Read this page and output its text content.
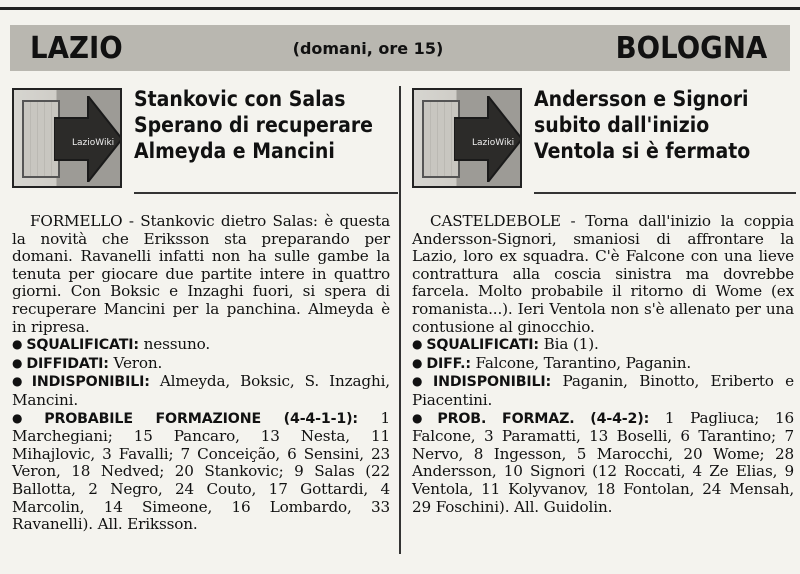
LAZIO	(domani, ore 15)	BOLOGNA
LazioWiki
Stankovic con Salas
Sperano di recuperare
Almeyda e Mancini

FORMELLO - Stankovic dietro Salas: è questa la novità che Eriksson sta preparando per domani. Ravanelli infatti non ha sulle gambe la tenuta per giocare due partite intere in quattro giorni. Con Boksic e Inzaghi fuori, si spera di recuperare Mancini per la panchina. Almeyda è in ripresa.

● SQUALIFICATI: nessuno.
● DIFFIDATI: Veron.
● INDISPONIBILI: Almeyda, Boksic, S. Inzaghi, Mancini.
● PROBABILE FORMAZIONE (4-4-1-1): 1 Marchegiani; 15 Pancaro, 13 Nesta, 11 Mihajlovic, 3 Favalli; 7 Conceição, 6 Sensini, 23 Veron, 18 Nedved; 20 Stankovic; 9 Salas (22 Ballotta, 2 Negro, 24 Couto, 17 Gottardi, 4 Marcolin, 14 Simeone, 16 Lombardo, 33 Ravanelli). All. Eriksson.
LazioWiki
Andersson e Signori
subito dall'inizio
Ventola si è fermato

CASTELDEBOLE - Torna dall'inizio la coppia Andersson-Signori, smaniosi di affrontare la Lazio, loro ex squadra. C'è Falcone con una lieve contrattura alla coscia sinistra ma dovrebbe farcela. Molto probabile il ritorno di Wome (ex romanista...). Ieri Ventola non s'è allenato per una contusione al ginocchio.

● SQUALIFICATI: Bia (1).
● DIFF.: Falcone, Tarantino, Paganin.
● INDISPONIBILI: Paganin, Binotto, Eriberto e Piacentini.
● PROB. FORMAZ. (4-4-2): 1 Pagliuca; 16 Falcone, 3 Paramatti, 13 Boselli, 6 Tarantino; 7 Nervo, 8 Ingesson, 5 Marocchi, 20 Wome; 28 Andersson, 10 Signori (12 Roccati, 4 Ze Elias, 9 Ventola, 11 Kolyvanov, 18 Fontolan, 24 Mensah, 29 Foschini). All. Guidolin.
